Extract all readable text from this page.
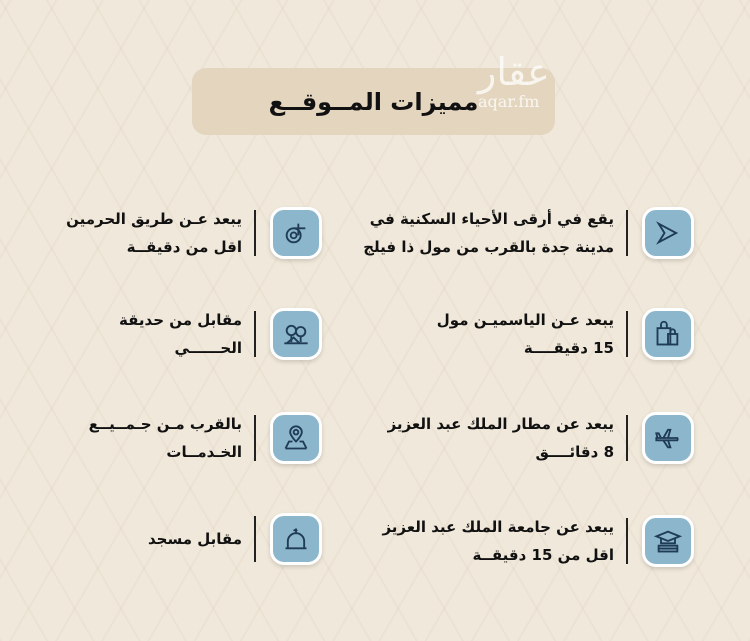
مميزات المــوقــع
عقار
aqar.fm
يقع في أرقى الأحياء السكنية في
مدينة جدة بالقرب من مول ذا فيلج
يبعد عـن طريق الحرمين
اقل من دقيقــة
يبعد عـن الياسميـن مول
15 دقيقــــة
مقابل من حديقة
الحــــــي
يبعد عن مطار الملك عبد العزيز
8 دقائــــق
بالقرب مـن جـمــيــع
الخـدمــات
يبعد عن جامعة الملك عبد العزيز
اقل من 15 دقيقــة
مقابل مسجد
